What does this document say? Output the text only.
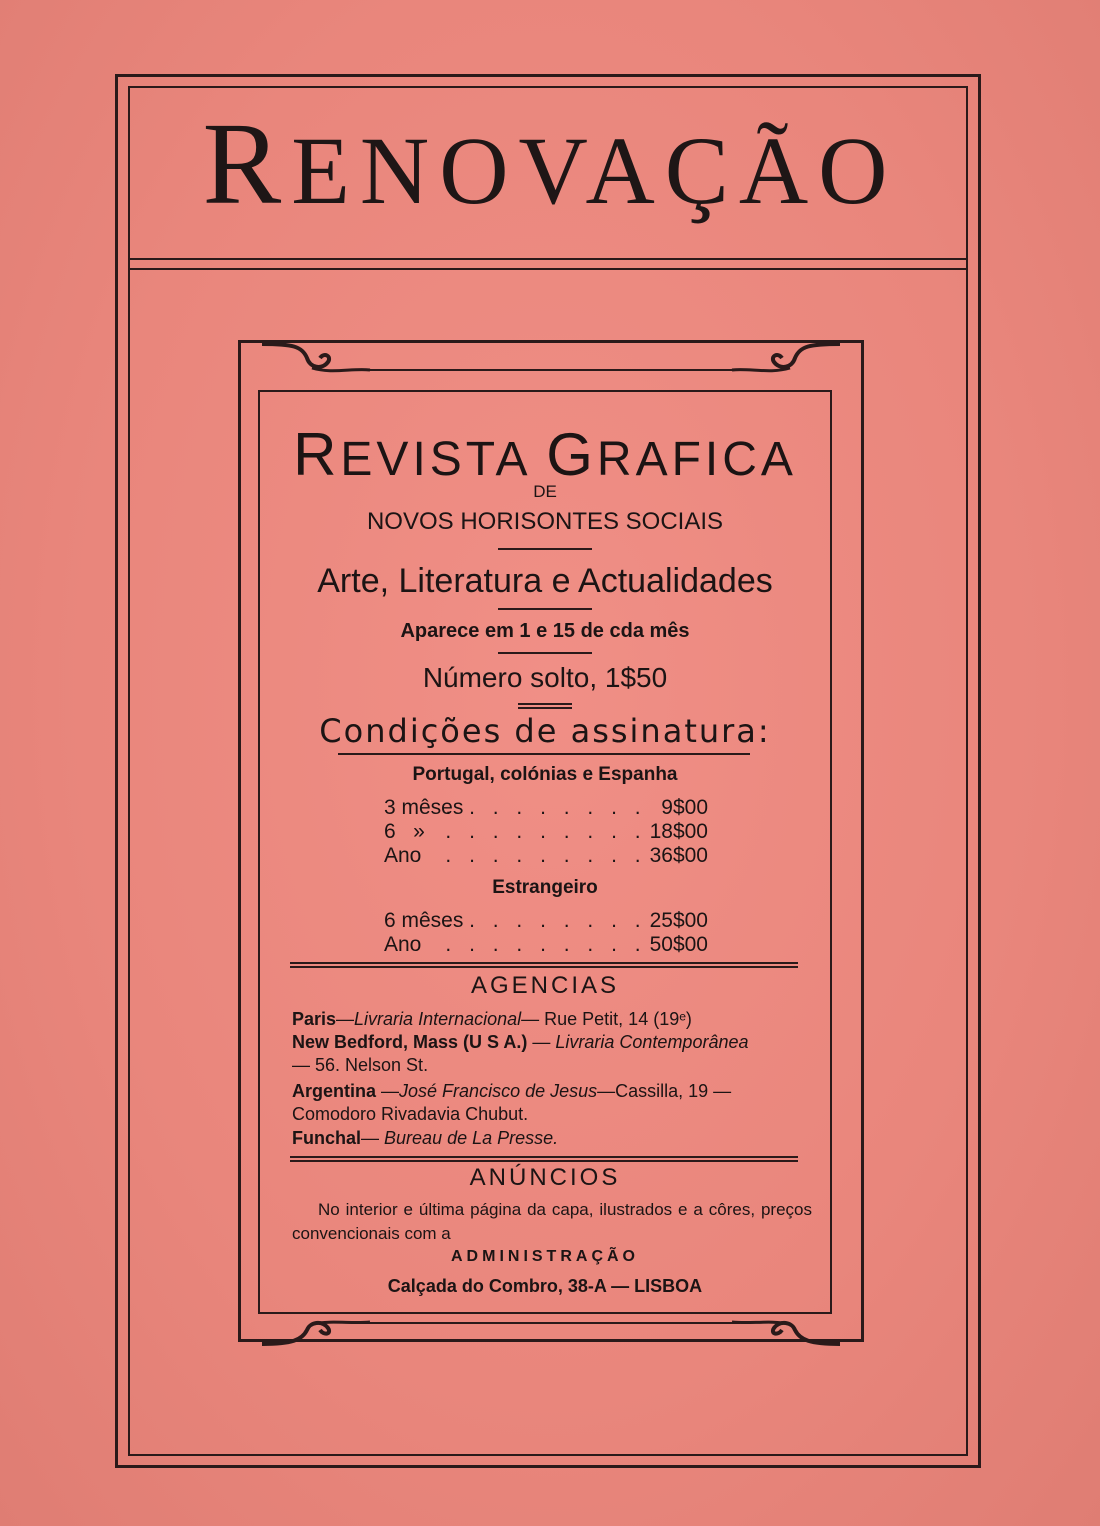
RENOVAÇÃO
REVISTA GRAFICA
DE
NOVOS HORISONTES SOCIAIS
Arte, Literatura e Actualidades
Aparece em 1 e 15 de cda mês
Número solto, 1$50
Condições de assinatura:
Portugal, colónias e Espanha
3 mêses
. . . . . . . . . 9$00
6   » . . . . . . . . . 18$00
Ano	. . . . . . . . . 36$00
Estrangeiro
6 mêses
. . . . . . . . . 25$00
Ano	. . . . . . . . . 50$00
AGENCIAS
Paris—Livraria Internacional— Rue Petit, 14 (19ᵉ)
New Bedford, Mass (U S A.) — Livraria Contemporânea
— 56. Nelson St.
Argentina —José Francisco de Jesus—Cassilla, 19 — Comodoro Rivadavia Chubut.
Funchal— Bureau de La Presse.
ANÚNCIOS
No interior e última página da capa, ilustrados e a côres, preços convencionais com a
ADMINISTRAÇÃO
Calçada do Combro, 38-A — LISBOA
